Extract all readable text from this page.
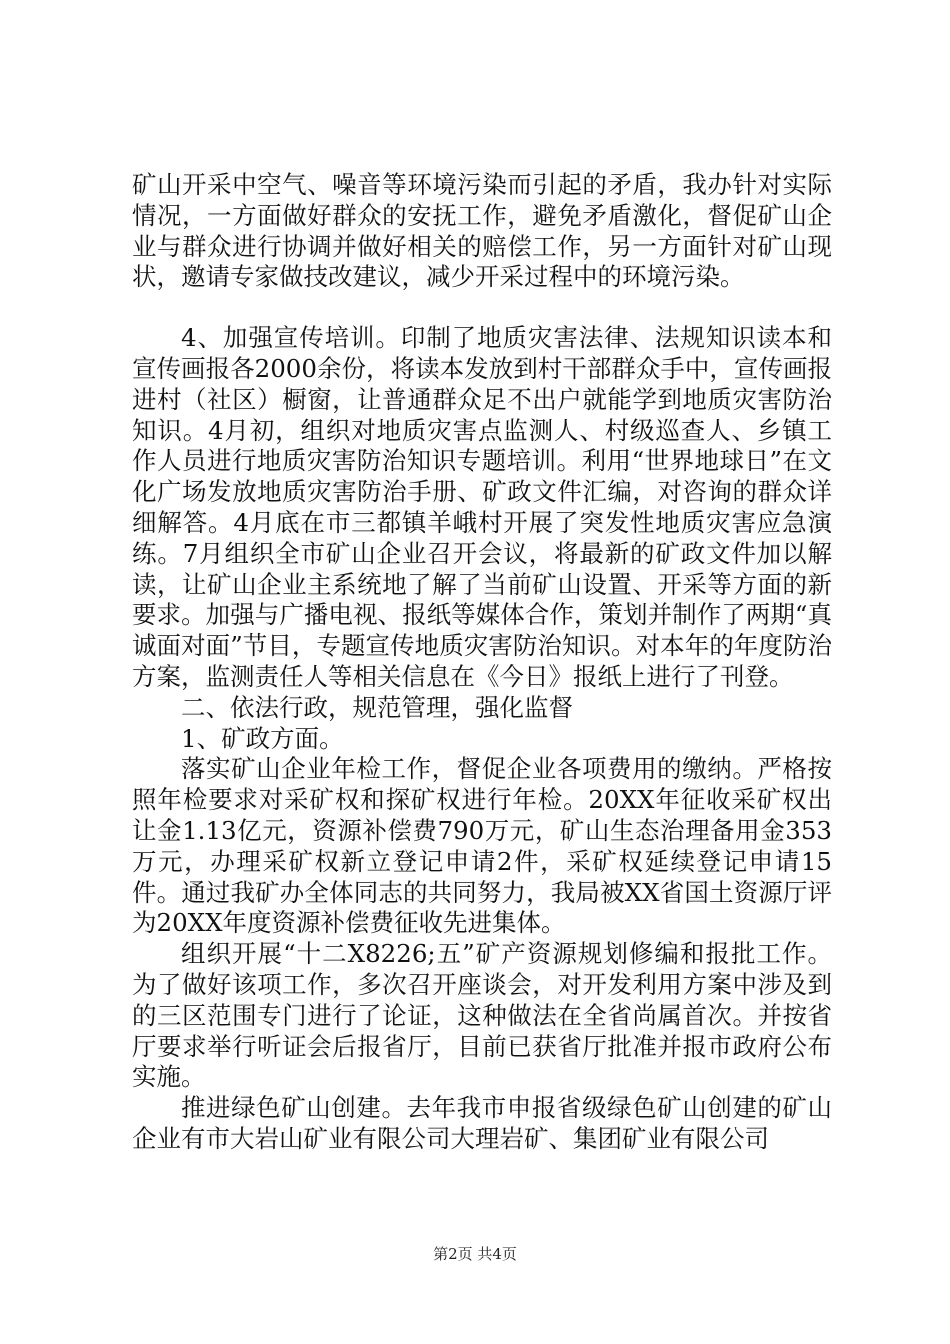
矿山开采中空气、噪音等环境污染而引起的矛盾，我办针对实际情况，一方面做好群众的安抚工作，避免矛盾激化，督促矿山企业与群众进行协调并做好相关的赔偿工作，另一方面针对矿山现状，邀请专家做技改建议，减少开采过程中的环境污染。

4、加强宣传培训。印制了地质灾害法律、法规知识读本和宣传画报各2000余份，将读本发放到村干部群众手中，宣传画报进村（社区）橱窗，让普通群众足不出户就能学到地质灾害防治知识。4月初，组织对地质灾害点监测人、村级巡查人、乡镇工作人员进行地质灾害防治知识专题培训。利用“世界地球日”在文化广场发放地质灾害防治手册、矿政文件汇编，对咨询的群众详细解答。4月底在市三都镇羊峨村开展了突发性地质灾害应急演练。7月组织全市矿山企业召开会议，将最新的矿政文件加以解读，让矿山企业主系统地了解了当前矿山设置、开采等方面的新要求。加强与广播电视、报纸等媒体合作，策划并制作了两期“真诚面对面”节目，专题宣传地质灾害防治知识。对本年的年度防治方案，监测责任人等相关信息在《今日》报纸上进行了刊登。

二、依法行政，规范管理，强化监督

1、矿政方面。

落实矿山企业年检工作，督促企业各项费用的缴纳。严格按照年检要求对采矿权和探矿权进行年检。20XX年征收采矿权出让金1.13亿元，资源补偿费790万元，矿山生态治理备用金353万元，办理采矿权新立登记申请2件，采矿权延续登记申请15件。通过我矿办全体同志的共同努力，我局被XX省国土资源厅评为20XX年度资源补偿费征收先进集体。

组织开展“十二X8226;五”矿产资源规划修编和报批工作。为了做好该项工作，多次召开座谈会，对开发利用方案中涉及到的三区范围专门进行了论证，这种做法在全省尚属首次。并按省厅要求举行听证会后报省厅，目前已获省厅批准并报市政府公布实施。

推进绿色矿山创建。去年我市申报省级绿色矿山创建的矿山企业有市大岩山矿业有限公司大理岩矿、集团矿业有限公司

第2页 共4页
